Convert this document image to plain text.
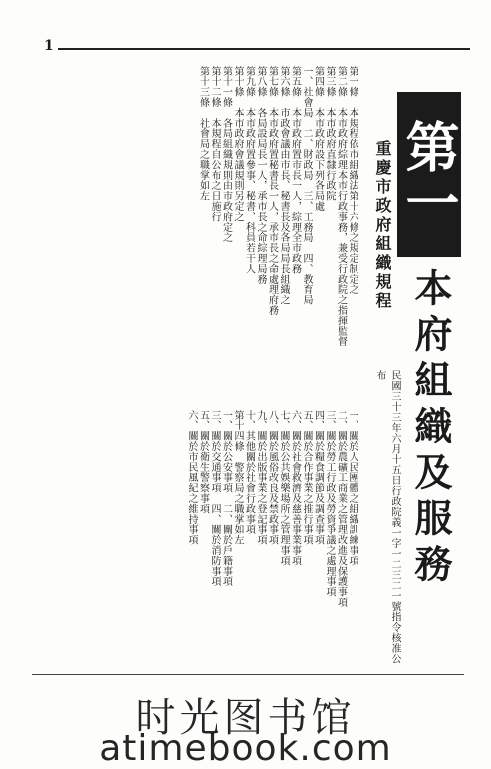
1
第一
本府組織及服務
重慶市政府組織規程
民國三十三年六月十五日行政院義一字一二三二一號指令核准公布

第一條　本規程依市組織法第十六條之規定制定之

第二條　本市政府綜理本市行政事務，兼受行政院之指揮監督

第三條　本市政府直隸行政院

第四條　本市政府設下列各局處

一、社會局　二、財政局　三、工務局　四、教育局

第五條　本市政府置市長一人，綜理全市政務

第六條　市政會議由市長、秘書長及各局局長組織之

第七條　本市政府置秘書長一人，承市長之命處理府務

第八條　各局設局長一人，承市長之命綜理局務

第九條　本市政府置參事、秘書、科員若干人

第十條　本市政府會議規則另定之

第十一條　各局組織規則由市政府定之

第十二條　本規程自公布之日施行

第十三條　社會局之職掌如左

一、關於人民團體之組織訓練事項

二、關於農礦工商業之管理改進及保護事項

三、關於勞工行政及勞資爭議之處理事項

四、關於糧食調節及調查事項

五、關於合作事業之推行事項

六、關於社會救濟及慈善事業事項

七、關於公共娛樂場所之管理事項

八、關於風俗改良及禁政事項

九、關於出版事業之登記事項

十、其他關於社會行政事項

第十四條　警察局之職掌如左

一、關於公安事項　二、關於戶籍事項

三、關於交通事項　四、關於消防事項

五、關於衛生警察事項

六、關於市民風紀之維持事項

时光图书馆
atimebook.com
